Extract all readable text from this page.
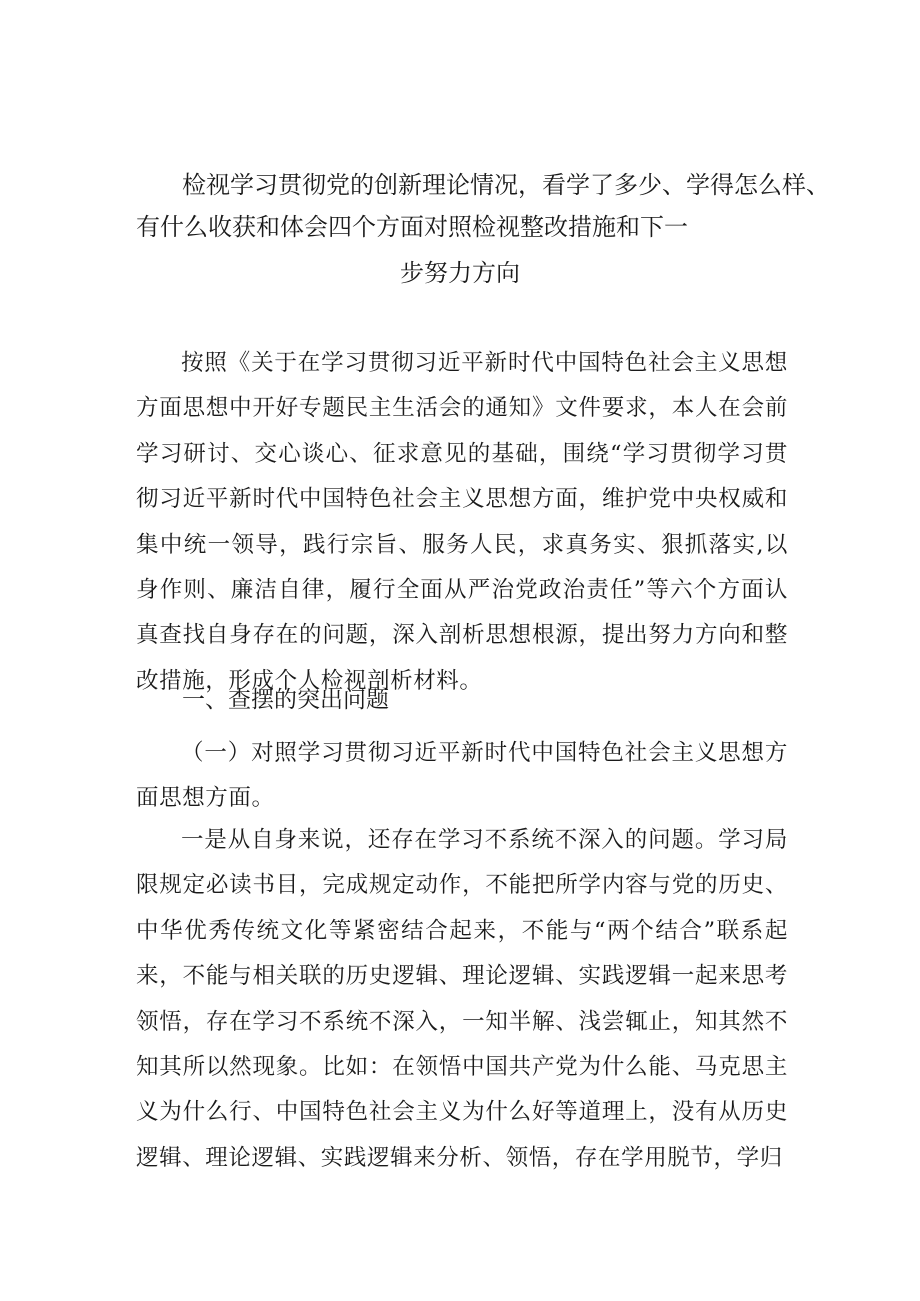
检视学习贯彻党的创新理论情况，看学了多少、学得怎么样、
有什么收获和体会四个方面对照检视整改措施和下一
步努力方向
按照《关于在学习贯彻习近平新时代中国特色社会主义思想方面思想中开好专题民主生活会的通知》文件要求，本人在会前学习研讨、交心谈心、征求意见的基础，围绕“学习贯彻学习贯彻习近平新时代中国特色社会主义思想方面，维护党中央权威和集中统一领导，践行宗旨、服务人民，求真务实、狠抓落实,以身作则、廉洁自律，履行全面从严治党政治责任”等六个方面认真查找自身存在的问题，深入剖析思想根源，提出努力方向和整改措施，形成个人检视剖析材料。
一、查摆的突出问题
（一）对照学习贯彻习近平新时代中国特色社会主义思想方面思想方面。
一是从自身来说，还存在学习不系统不深入的问题。学习局限规定必读书目，完成规定动作，不能把所学内容与党的历史、中华优秀传统文化等紧密结合起来，不能与“两个结合”联系起来，不能与相关联的历史逻辑、理论逻辑、实践逻辑一起来思考领悟，存在学习不系统不深入，一知半解、浅尝辄止，知其然不知其所以然现象。比如：在领悟中国共产党为什么能、马克思主义为什么行、中国特色社会主义为什么好等道理上，没有从历史逻辑、理论逻辑、实践逻辑来分析、领悟，存在学用脱节，学归
